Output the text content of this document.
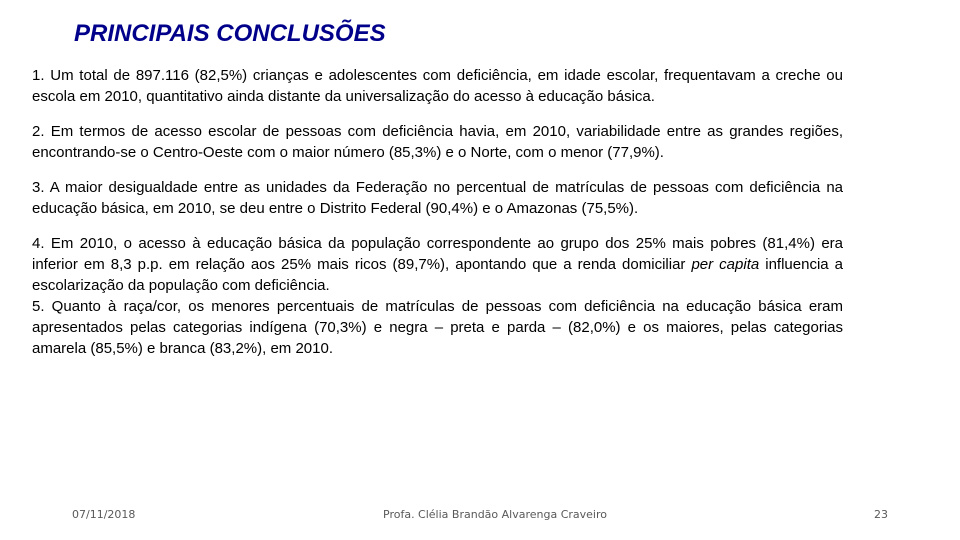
PRINCIPAIS CONCLUSÕES

1. Um total de 897.116 (82,5%) crianças e adolescentes com deficiência, em idade escolar, frequentavam a creche ou escola em 2010, quantitativo ainda distante da universalização do acesso à educação básica.

2. Em termos de acesso escolar de pessoas com deficiência havia, em 2010, variabilidade entre as grandes regiões, encontrando-se o Centro-Oeste com o maior número (85,3%) e o Norte, com o menor (77,9%).

3. A maior desigualdade entre as unidades da Federação no percentual de matrículas de pessoas com deficiência na educação básica, em 2010, se deu entre o Distrito Federal (90,4%) e o Amazonas (75,5%).

4. Em 2010, o acesso à educação básica da população correspondente ao grupo dos 25% mais pobres (81,4%) era inferior em 8,3 p.p. em relação aos 25% mais ricos (89,7%), apontando que a renda domiciliar per capita influencia a escolarização da população com deficiência.

5. Quanto à raça/cor, os menores percentuais de matrículas de pessoas com deficiência na educação básica eram apresentados pelas categorias indígena (70,3%) e negra – preta e parda – (82,0%) e os maiores, pelas categorias amarela (85,5%) e branca (83,2%), em 2010.

07/11/2018	Profa. Clélia Brandão Alvarenga Craveiro	23
